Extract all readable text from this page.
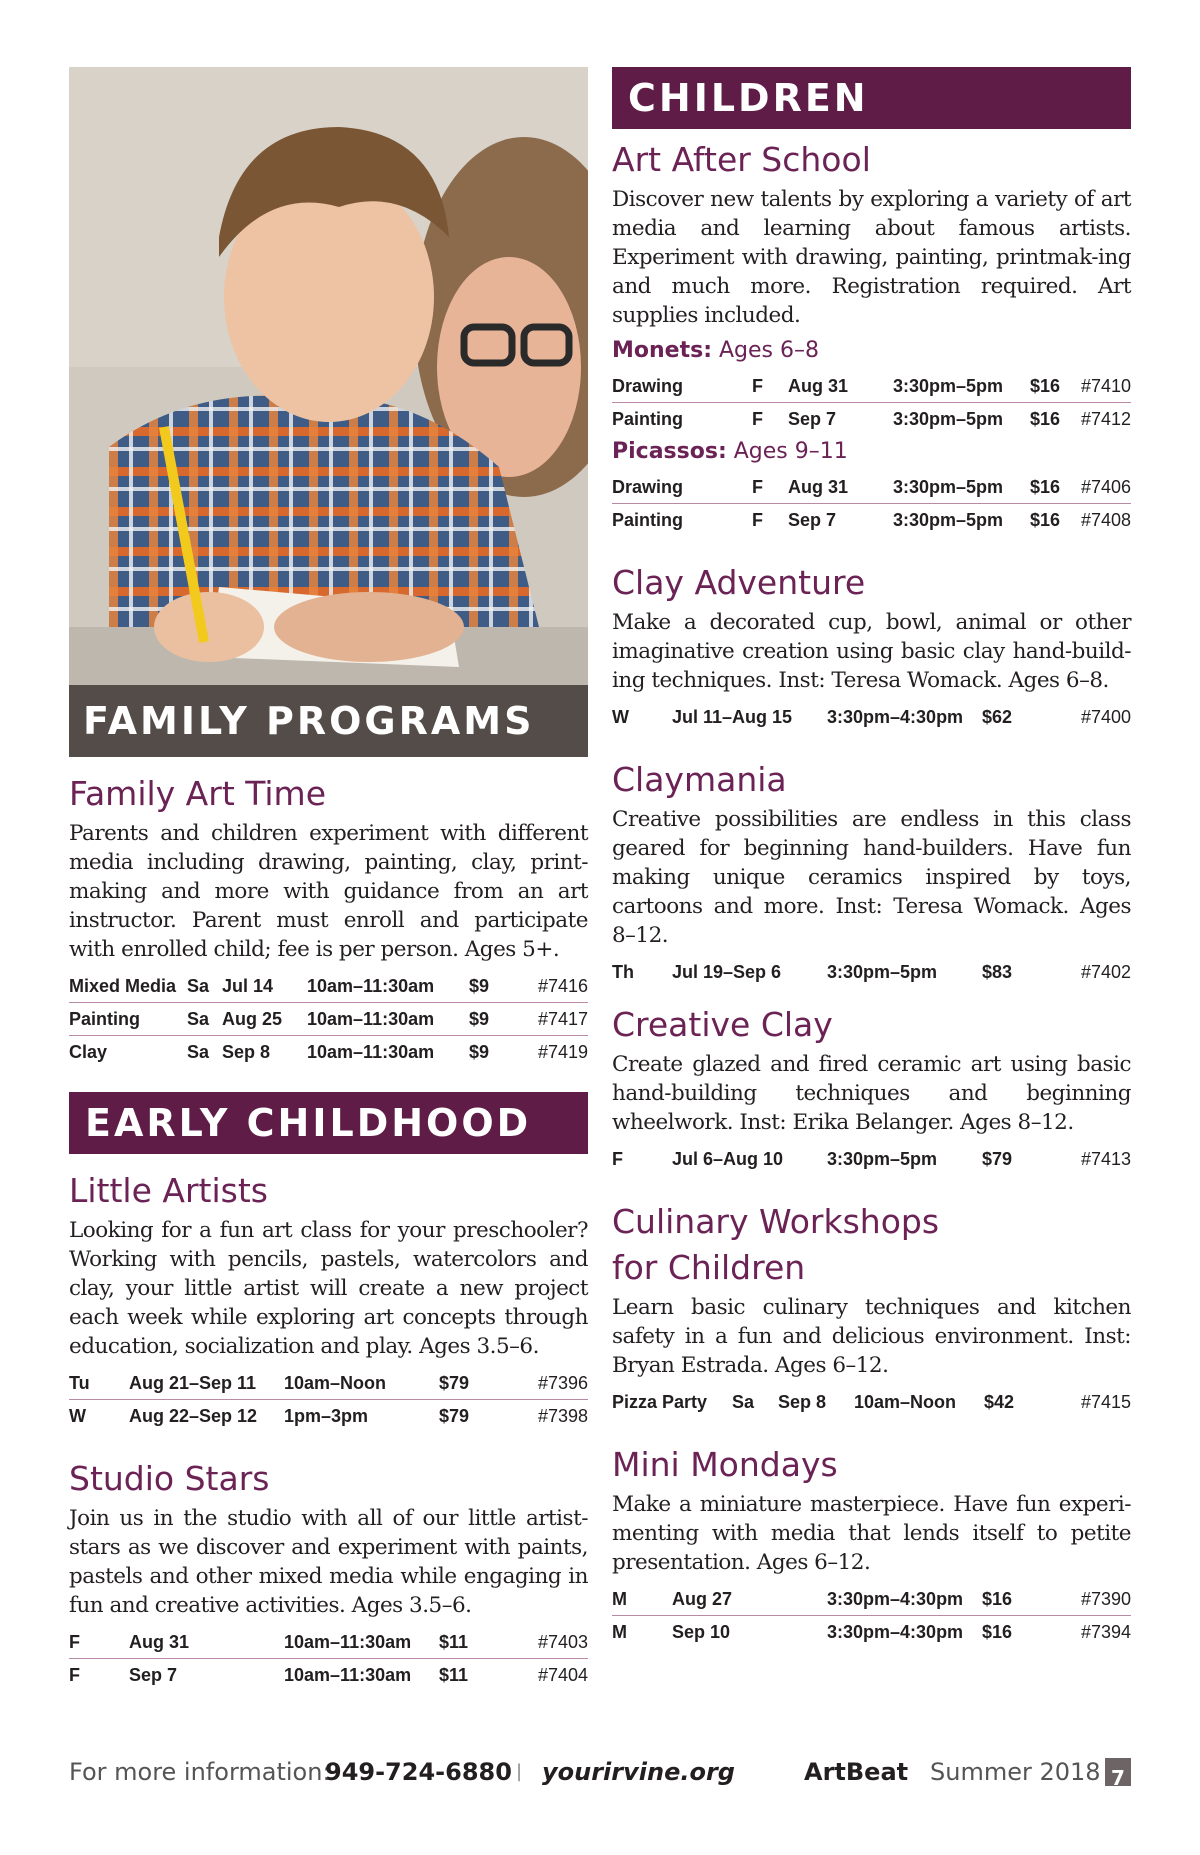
FAMILY PROGRAMS
Family Art Time

Parents and children experiment with different media including drawing, painting, clay, print-making and more with guidance from an art instructor. Parent must enroll and participate with enrolled child; fee is per person. Ages 5+.

Mixed Media	Sa	Jul 14	10am–11:30am	$9	#7416
Painting	Sa	Aug 25	10am–11:30am	$9	#7417
Clay	Sa	Sep 8	10am–11:30am	$9	#7419
EARLY CHILDHOOD
Little Artists

Looking for a fun art class for your preschooler? Working with pencils, pastels, watercolors and clay, your little artist will create a new project each week while exploring art concepts through education, socialization and play. Ages 3.5–6.

Tu	Aug 21–Sep 11	10am–Noon	$79	#7396
W	Aug 22–Sep 12	1pm–3pm	$79	#7398
Studio Stars

Join us in the studio with all of our little artist-stars as we discover and experiment with paints, pastels and other mixed media while engaging in fun and creative activities. Ages 3.5–6.

F	Aug 31	10am–11:30am	$11	#7403
F	Sep 7	10am–11:30am	$11	#7404
CHILDREN
Art After School

Discover new talents by exploring a variety of art media and learning about famous artists. Experiment with drawing, painting, printmak-ing and much more. Registration required. Art supplies included.

Monets: Ages 6–8
Drawing	F	Aug 31	3:30pm–5pm	$16	#7410
Painting	F	Sep 7	3:30pm–5pm	$16	#7412
Picassos: Ages 9–11
Drawing	F	Aug 31	3:30pm–5pm	$16	#7406
Painting	F	Sep 7	3:30pm–5pm	$16	#7408
Clay Adventure

Make a decorated cup, bowl, animal or other imaginative creation using basic clay hand-build-ing techniques. Inst: Teresa Womack. Ages 6–8.

W	Jul 11–Aug 15	3:30pm–4:30pm	$62	#7400
Claymania

Creative possibilities are endless in this class geared for beginning hand-builders. Have fun making unique ceramics inspired by toys, cartoons and more. Inst: Teresa Womack. Ages 8–12.

Th	Jul 19–Sep 6	3:30pm–5pm	$83	#7402
Creative Clay

Create glazed and fired ceramic art using basic hand-building techniques and beginning wheelwork. Inst: Erika Belanger. Ages 8–12.

F	Jul 6–Aug 10	3:30pm–5pm	$79	#7413
Culinary Workshops
for Children

Learn basic culinary techniques and kitchen safety in a fun and delicious environment. Inst: Bryan Estrada. Ages 6–12.

Pizza Party	Sa	Sep 8	10am–Noon	$42	#7415
Mini Mondays

Make a miniature masterpiece. Have fun experi-menting with media that lends itself to petite presentation. Ages 6–12.

M	Aug 27	3:30pm–4:30pm	$16	#7390
M	Sep 10	3:30pm–4:30pm	$16	#7394
For more information:
949-724-6880 | yourirvine.org	ArtBeat Summer 2018 7
